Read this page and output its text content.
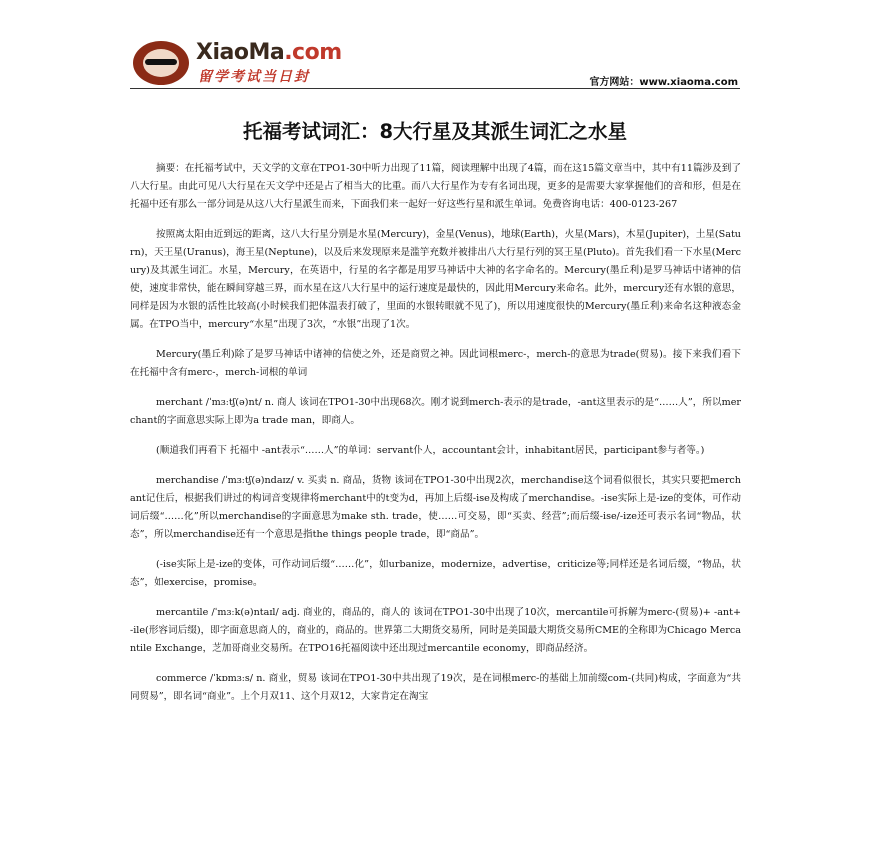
XiaoMa.com
留学考试当日封	官方网站：www.xiaoma.com
托福考试词汇：8大行星及其派生词汇之水星

摘要：在托福考试中，天文学的文章在TPO1-30中听力出现了11篇，阅读理解中出现了4篇，而在这15篇文章当中，其中有11篇涉及到了八大行星。由此可见八大行星在天文学中还是占了相当大的比重。而八大行星作为专有名词出现，更多的是需要大家掌握他们的音和形，但是在托福中还有那么一部分词是从这八大行星派生而来，下面我们来一起好一好这些行星和派生单词。免费咨询电话：400-0123-267

按照离太阳由近到远的距离，这八大行星分别是水星(Mercury)，金星(Venus)，地球(Earth)，火星(Mars)，木星(Jupiter)，土星(Saturn)，天王星(Uranus)，海王星(Neptune)，以及后来发现原来是滥竽充数并被排出八大行星行列的冥王星(Pluto)。首先我们看一下水星(Mercury)及其派生词汇。水星，Mercury，在英语中，行星的名字都是用罗马神话中大神的名字命名的。Mercury(墨丘利)是罗马神话中诸神的信使，速度非常快，能在瞬间穿越三界，而水星在这八大行星中的运行速度是最快的，因此用Mercury来命名。此外，mercury还有水银的意思，同样是因为水银的活性比较高(小时候我们把体温表打破了，里面的水银转眼就不见了)，所以用速度很快的Mercury(墨丘利)来命名这种液态金属。在TPO当中，mercury“水星”出现了3次，“水银”出现了1次。

Mercury(墨丘利)除了是罗马神话中诸神的信使之外，还是商贸之神。因此词根merc-，merch-的意思为trade(贸易)。接下来我们看下在托福中含有merc-，merch-词根的单词

merchant /ˈmɜːtʃ(ə)nt/ n. 商人 该词在TPO1-30中出现68次。刚才说到merch-表示的是trade，-ant这里表示的是“……人”，所以merchant的字面意思实际上即为a trade man，即商人。

(顺道我们再看下 托福中 -ant表示“……人”的单词：servant仆人，accountant会计，inhabitant居民，participant参与者等。)

merchandise /ˈmɜːtʃ(ə)ndaɪz/ v. 买卖 n. 商品，货物 该词在TPO1-30中出现2次，merchandise这个词看似很长，其实只要把merchant记住后，根据我们讲过的构词音变规律将merchant中的t变为d，再加上后缀-ise及构成了merchandise。-ise实际上是-ize的变体，可作动词后缀“……化”所以merchandise的字面意思为make sth. trade，使……可交易，即“买卖、经营”;而后缀-ise/-ize还可表示名词“物品，状态”，所以merchandise还有一个意思是指the things people trade，即“商品”。

(-ise实际上是-ize的变体，可作动词后缀“……化”，如urbanize，modernize，advertise，criticize等;同样还是名词后缀，“物品，状态”，如exercise，promise。

mercantile /ˈmɜːk(ə)ntaɪl/ adj. 商业的，商品的，商人的 该词在TPO1-30中出现了10次，mercantile可拆解为merc-(贸易)+ -ant+ -ile(形容词后缀)，即字面意思商人的，商业的，商品的。世界第二大期货交易所，同时是美国最大期货交易所CME的全称即为Chicago Mercantile Exchange，芝加哥商业交易所。在TPO16托福阅读中还出现过mercantile economy，即商品经济。

commerce /ˈkɒmɜːs/ n. 商业，贸易 该词在TPO1-30中共出现了19次，是在词根merc-的基础上加前缀com-(共同)构成，字面意为“共同贸易”，即名词“商业”。上个月双11、这个月双12，大家肯定在淘宝
